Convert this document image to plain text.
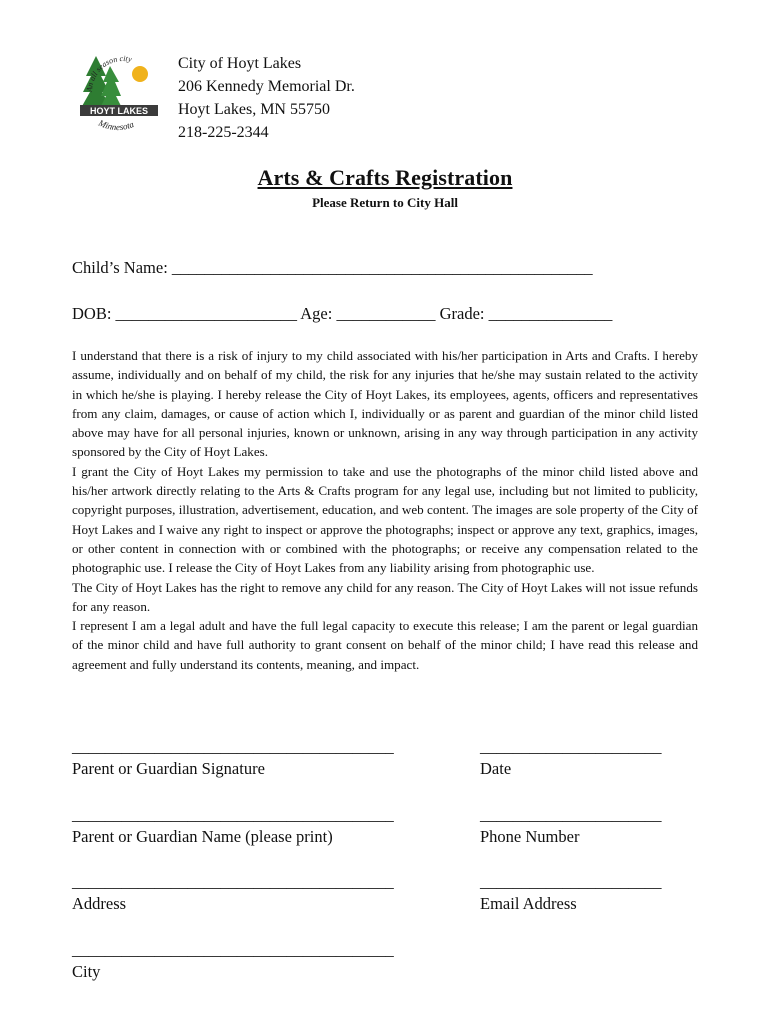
HOYT LAKES
An all season city
Minnesota
City of Hoyt Lakes
206 Kennedy Memorial Dr.
Hoyt Lakes, MN 55750
218-225-2344
Arts & Crafts Registration
Please Return to City Hall
Child’s Name: ___________________________________________________
DOB: ______________________ Age: ____________ Grade: _______________

I understand that there is a risk of injury to my child associated with his/her participation in Arts and Crafts. I hereby assume, individually and on behalf of my child, the risk for any injuries that he/she may sustain related to the activity in which he/she is playing. I hereby release the City of Hoyt Lakes, its employees, agents, officers and representatives from any claim, damages, or cause of action which I, individually or as parent and guardian of the minor child listed above may have for all personal injuries, known or unknown, arising in any way through participation in any activity sponsored by the City of Hoyt Lakes.

I grant the City of Hoyt Lakes my permission to take and use the photographs of the minor child listed above and his/her artwork directly relating to the Arts & Crafts program for any legal use, including but not limited to publicity, copyright purposes, illustration, advertisement, education, and web content. The images are sole property of the City of Hoyt Lakes and I waive any right to inspect or approve the photographs; inspect or approve any text, graphics, images, or other content in connection with or combined with the photographs; or receive any compensation related to the photographic use. I release the City of Hoyt Lakes from any liability arising from photographic use.

The City of Hoyt Lakes has the right to remove any child for any reason. The City of Hoyt Lakes will not issue refunds for any reason.

I represent I am a legal adult and have the full legal capacity to execute this release; I am the parent or legal guardian of the minor child and have full authority to grant consent on behalf of the minor child; I have read this release and agreement and fully understand its contents, meaning, and impact.

_______________________________________
Parent or Guardian Signature
______________________
Date
_______________________________________
Parent or Guardian Name (please print)
______________________
Phone Number
_______________________________________
Address
______________________
Email Address
_______________________________________
City
